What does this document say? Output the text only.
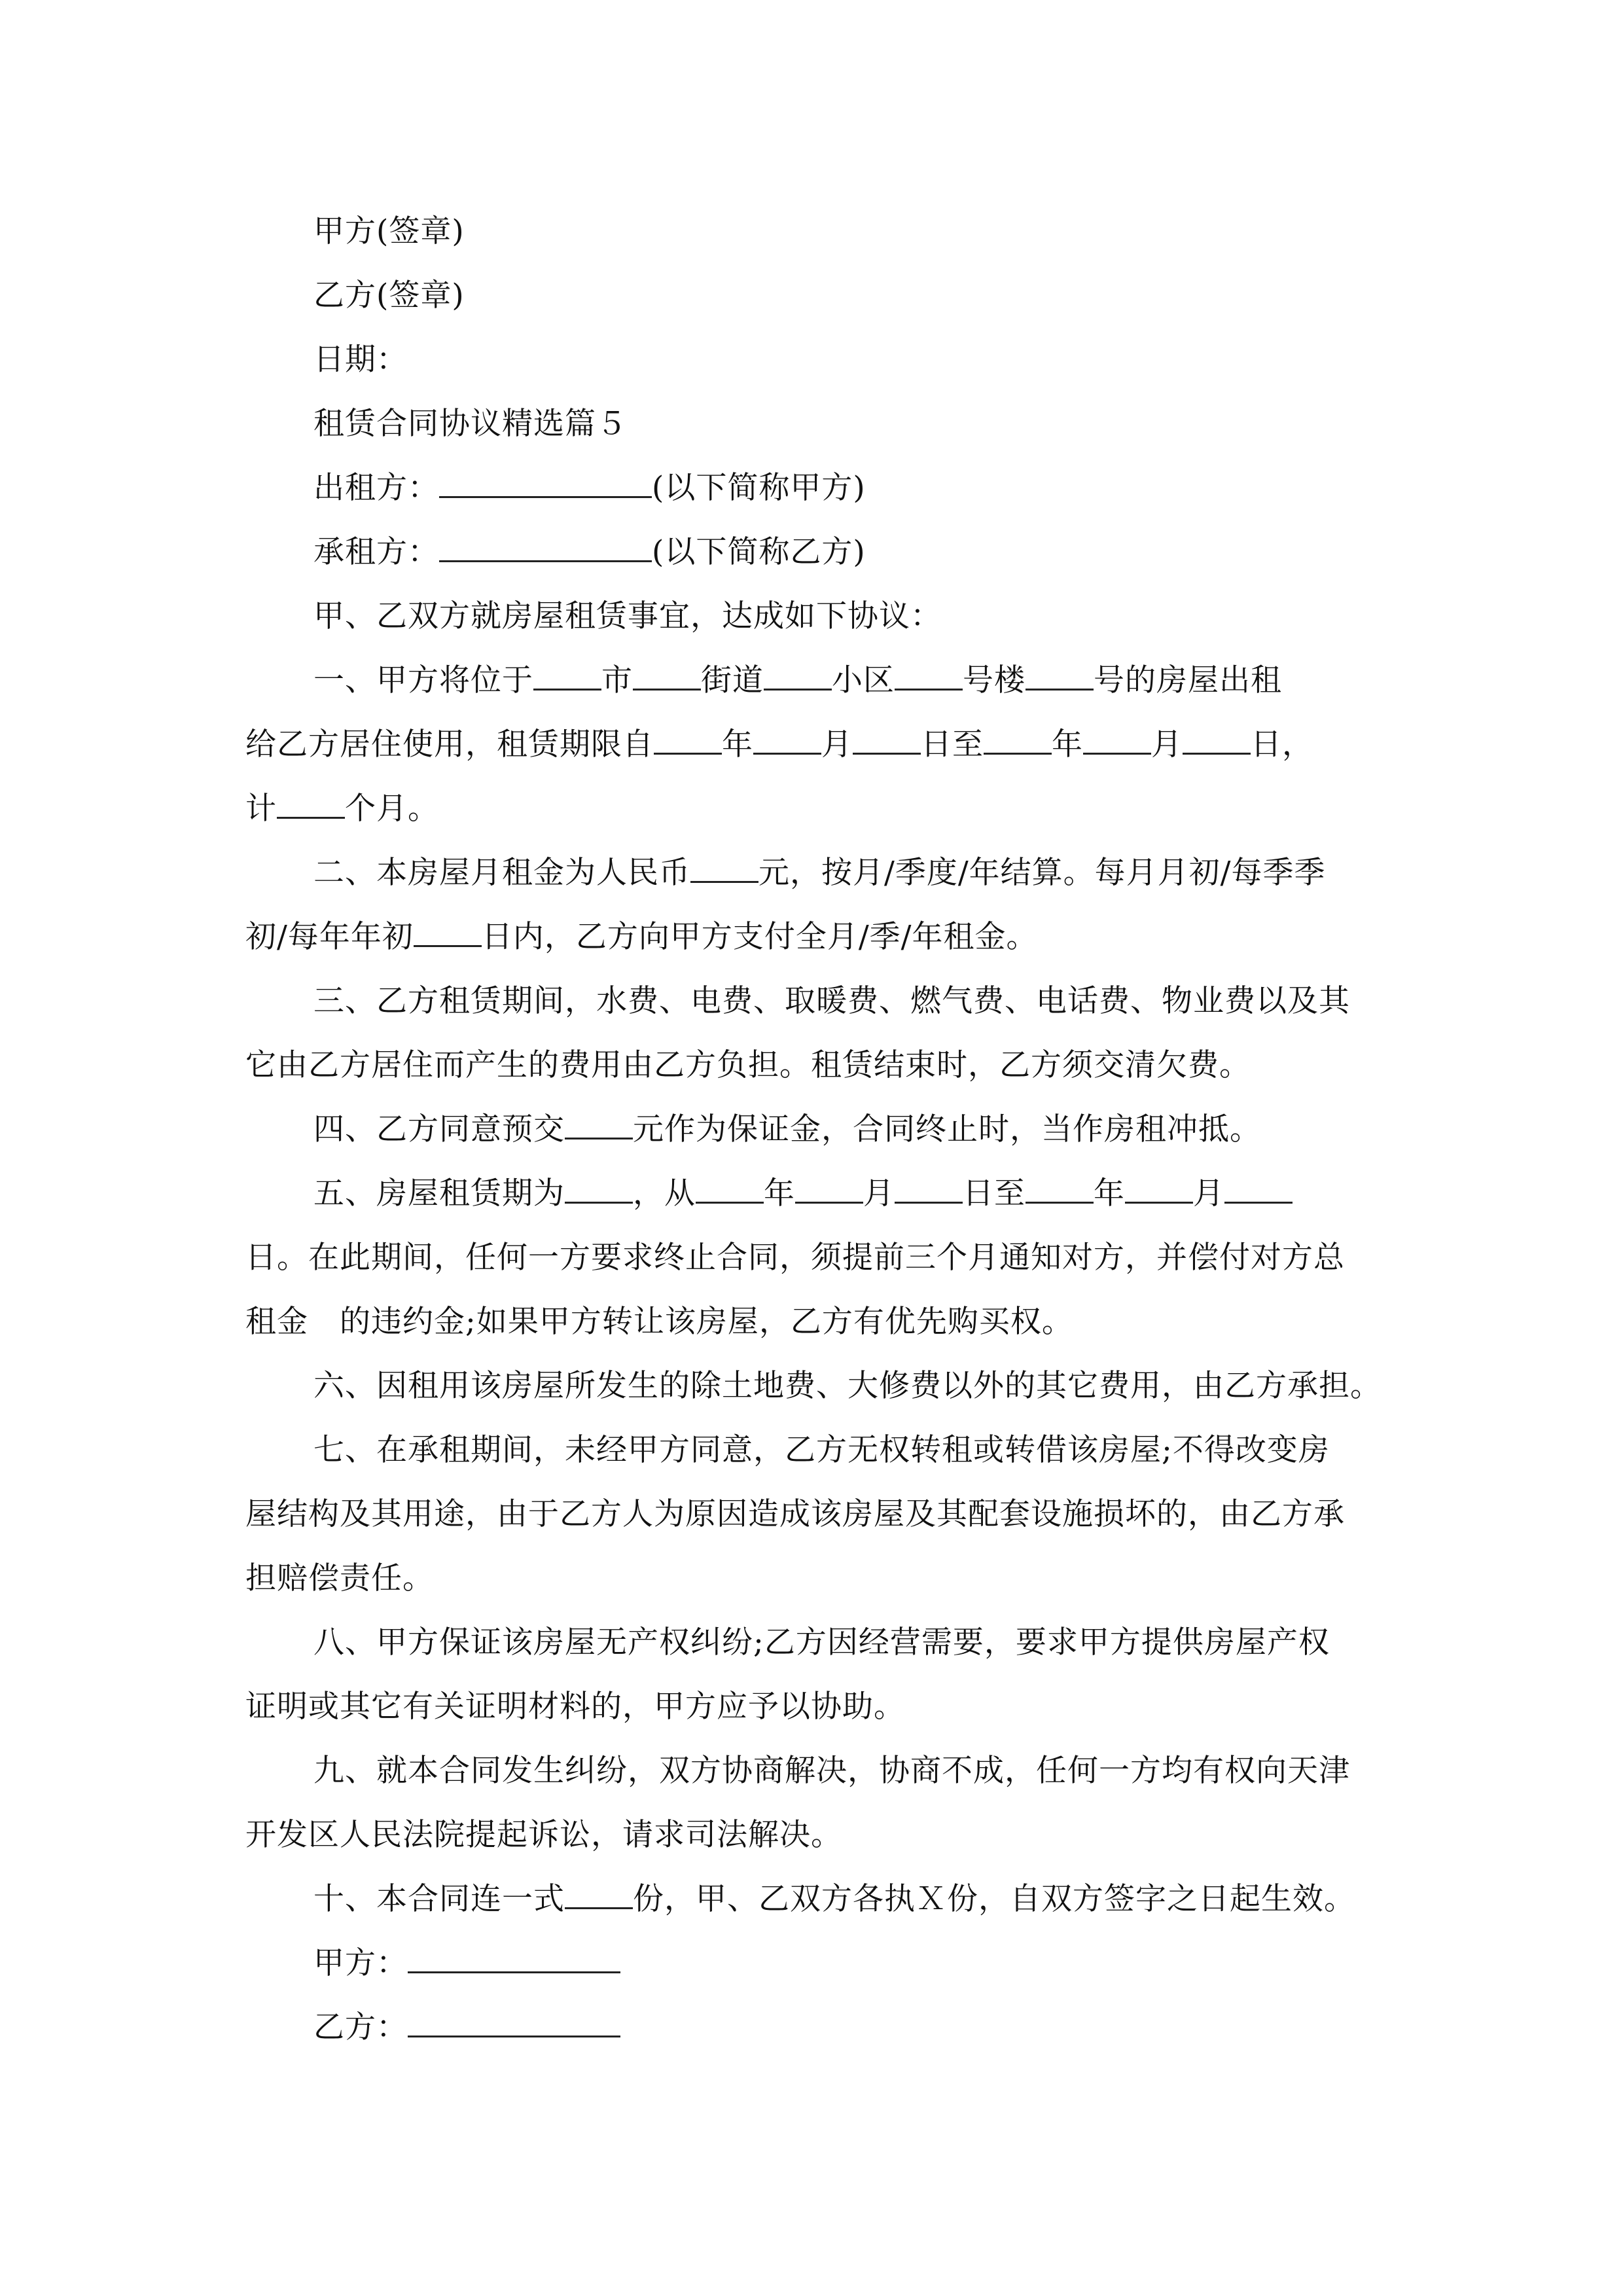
甲方(签章)
乙方(签章)
日期：
租赁合同协议精选篇５
出租方：	(以下简称甲方)
承租方：	(以下简称乙方)
甲、乙双方就房屋租赁事宜，达成如下协议：
一、甲方将位于 市 街道 小区 号楼 号的房屋出租
给乙方居住使用，租赁期限自 年 月 日至 年 月 日，
计 个月。
二、本房屋月租金为人民币 元，按月/季度/年结算。每月月初/每季季
初/每年年初 日内，乙方向甲方支付全月/季/年租金。
三、乙方租赁期间，水费、电费、取暖费、燃气费、电话费、物业费以及其
它由乙方居住而产生的费用由乙方负担。租赁结束时，乙方须交清欠费。
四、乙方同意预交 元作为保证金，合同终止时，当作房租冲抵。
五、房屋租赁期为 ，从 年 月 日至 年 月
日。在此期间，任何一方要求终止合同，须提前三个月通知对方，并偿付对方总
租金　的违约金;如果甲方转让该房屋，乙方有优先购买权。
六、因租用该房屋所发生的除土地费、大修费以外的其它费用，由乙方承担。
七、在承租期间，未经甲方同意，乙方无权转租或转借该房屋;不得改变房
屋结构及其用途，由于乙方人为原因造成该房屋及其配套设施损坏的，由乙方承
担赔偿责任。
八、甲方保证该房屋无产权纠纷;乙方因经营需要，要求甲方提供房屋产权
证明或其它有关证明材料的，甲方应予以协助。
九、就本合同发生纠纷，双方协商解决，协商不成，任何一方均有权向天津
开发区人民法院提起诉讼，请求司法解决。
十、本合同连一式 份，甲、乙双方各执Ｘ份，自双方签字之日起生效。
甲方：
乙方：
